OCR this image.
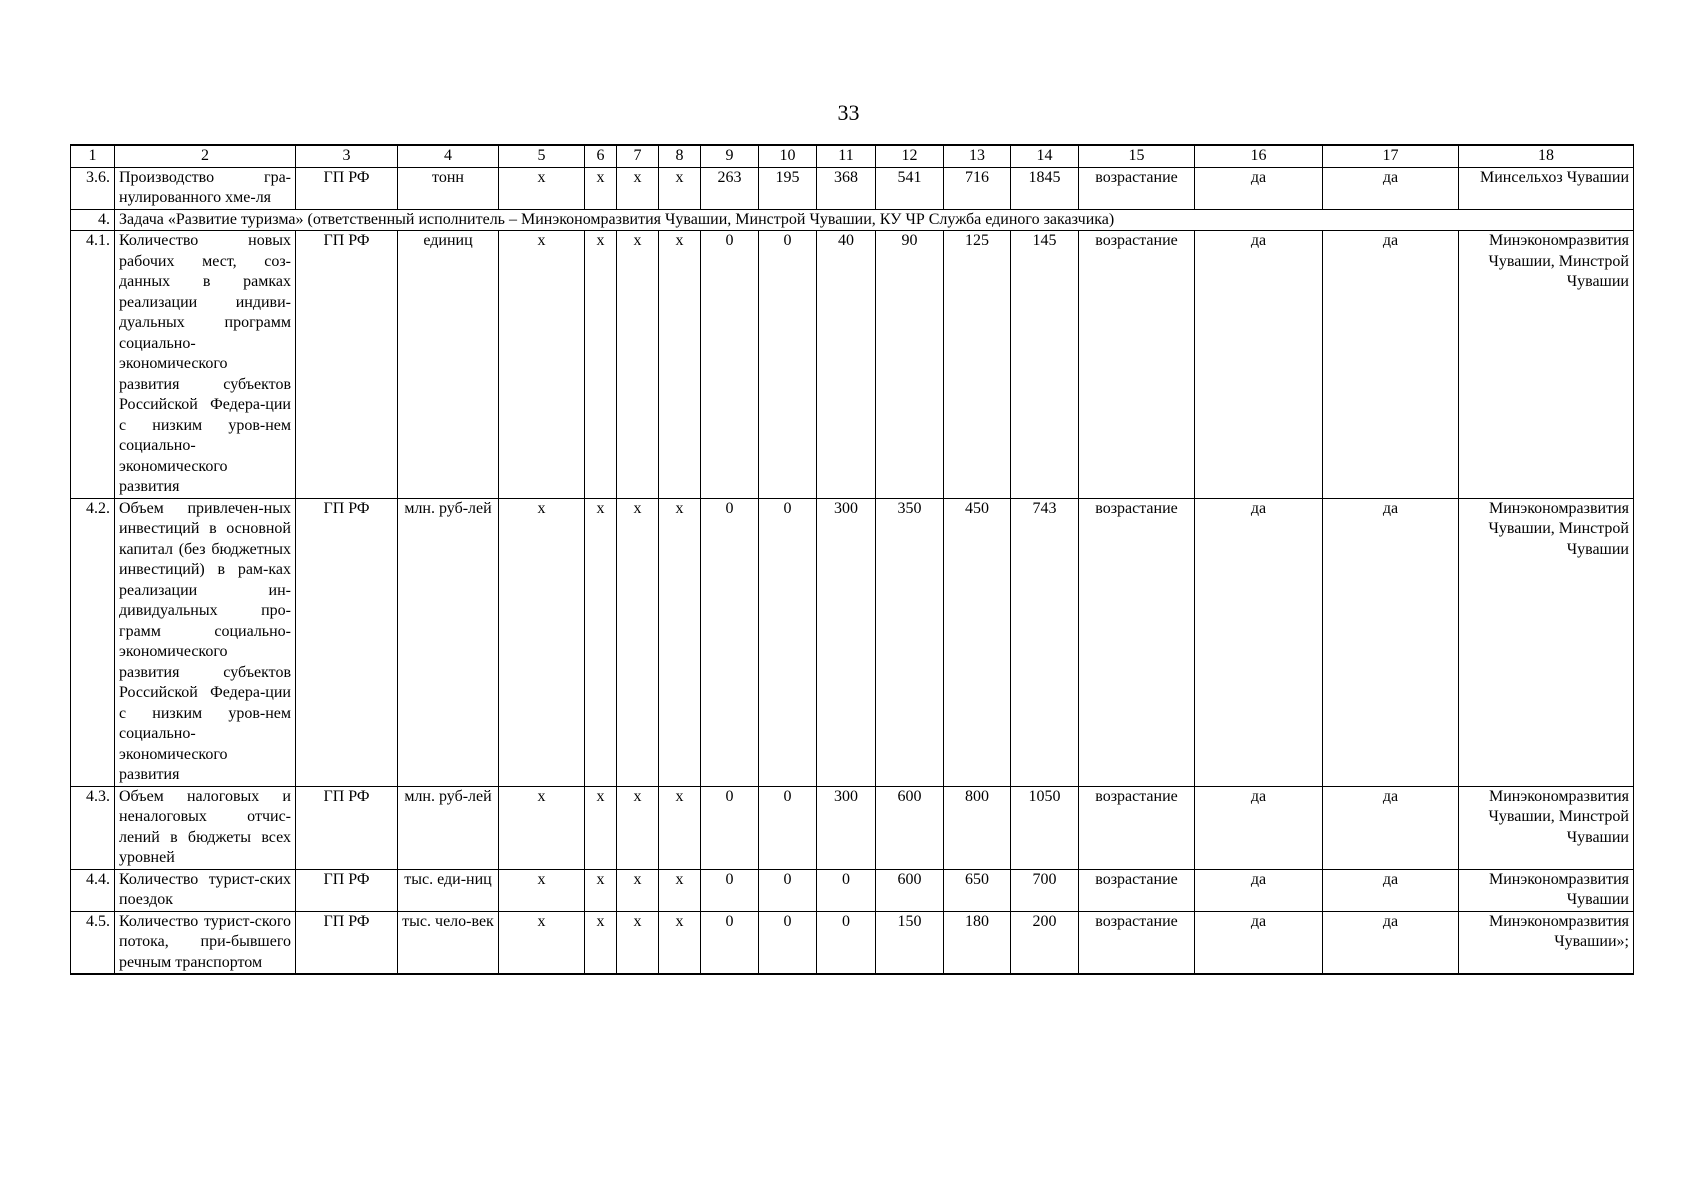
33
1	2	3	4	5	6	7	8	9	10	11	12	13	14	15	16	17	18
3.6.	Производство гра-нулированного хме-ля	ГП РФ	тонн	x	x	x	x	263	195	368	541	716	1845	возрастание	да	да	Минсельхоз Чувашии
4.	Задача «Развитие туризма» (ответственный исполнитель – Минэкономразвития Чувашии, Минстрой Чувашии, КУ ЧР Служба единого заказчика)																
4.1.	Количество новых рабочих мест, соз-данных в рамках реализации индиви-дуальных программ социально-экономического развития субъектов Российской Федера-ции с низким уров-нем социально-экономического развития	ГП РФ	единиц	x	x	x	x	0	0	40	90	125	145	возрастание	да	да	Минэкономразвития Чувашии, Минстрой Чувашии
4.2.	Объем привлечен-ных инвестиций в основной капитал (без бюджетных инвестиций) в рам-ках реализации ин-дивидуальных про-грамм социально-экономического развития субъектов Российской Федера-ции с низким уров-нем социально-экономического развития	ГП РФ	млн. руб-лей	x	x	x	x	0	0	300	350	450	743	возрастание	да	да	Минэкономразвития Чувашии, Минстрой Чувашии
4.3.	Объем налоговых и неналоговых отчис-лений в бюджеты всех уровней	ГП РФ	млн. руб-лей	x	x	x	x	0	0	300	600	800	1050	возрастание	да	да	Минэкономразвития Чувашии, Минстрой Чувашии
4.4.	Количество турист-ских поездок	ГП РФ	тыс. еди-ниц	x	x	x	x	0	0	0	600	650	700	возрастание	да	да	Минэкономразвития Чувашии
4.5.	Количество турист-ского потока, при-бывшего речным транспортом	ГП РФ	тыс. чело-век	x	x	x	x	0	0	0	150	180	200	возрастание	да	да	Минэкономразвития Чувашии»;
